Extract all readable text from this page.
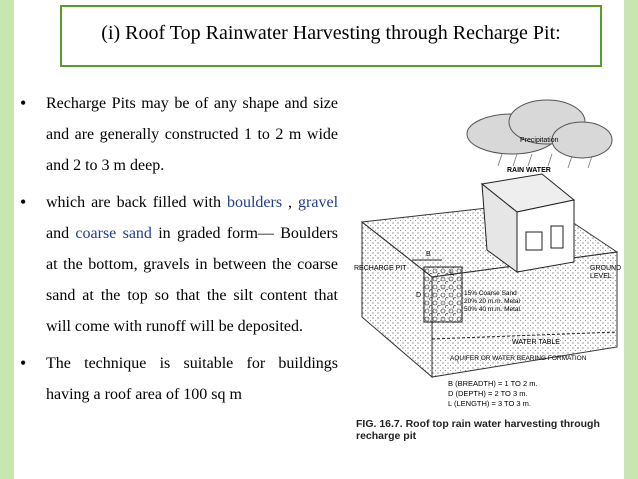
(i) Roof Top Rainwater Harvesting through Recharge Pit:
•	Recharge Pits may be of any shape and size and are generally constructed 1 to 2 m wide and 2 to 3 m deep.
•	which are back filled with boulders , gravel and coarse sand in graded form— Boulders at the bottom, gravels in between the coarse sand at the top so that the silt content that will come with runoff will be deposited.
•	The technique is suitable for buildings having a roof area of 100 sq m
Precipitation
RAIN WATER
B
D
L
RECHARGE PIT	GROUND
LEVEL
15% Coarse Sand
20% 20 m.m. Metal
50% 40 m.m. Metal
WATER TABLE
AQUIFER OR WATER BEARING FORMATION
B (BREADTH) = 1 TO 2 m.
D (DEPTH) = 2 TO 3 m.
L (LENGTH) = 3 TO 3 m.
FIG. 16.7. Roof top rain water harvesting through recharge pit
